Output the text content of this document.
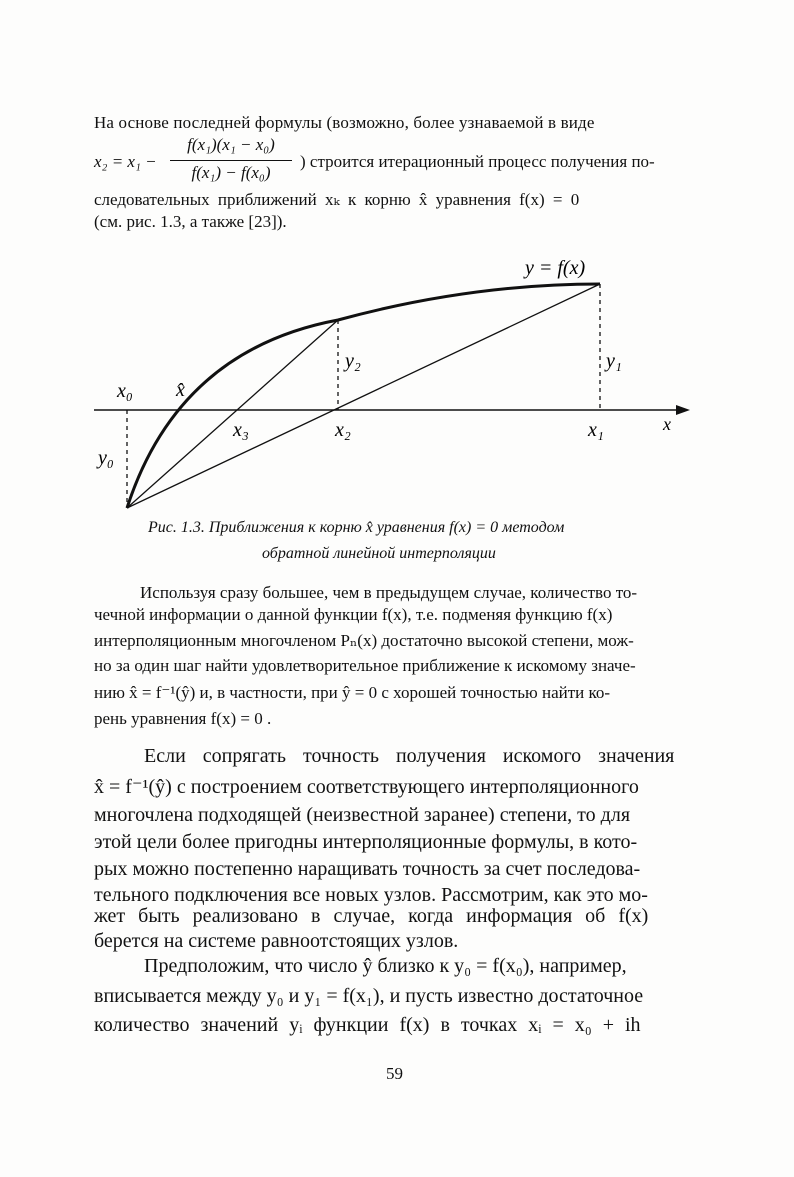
На основе последней формулы (возможно, более узнаваемой в виде
x₂ = x₁ −
f(x₁)(x₁ − x₀)
f(x₁) − f(x₀)
) строится итерационный процесс получения по-
следовательных приближений xₖ к корню x̂ уравнения f(x) = 0
(см. рис. 1.3, а также [23]).
y = f(x)
x₀ x̂
x₃	x₂	x₁	x
y₀
y₂	y₁
Рис. 1.3. Приближения к корню x̂ уравнения f(x) = 0 методом
обратной линейной интерполяции
Используя сразу большее, чем в предыдущем случае, количество то-
чечной информации о данной функции f(x), т.е. подменяя функцию f(x)
интерполяционным многочленом Pₙ(x) достаточно высокой степени, мож-
но за один шаг найти удовлетворительное приближение к искомому значе-
нию x̂ = f⁻¹(ŷ) и, в частности, при ŷ = 0 с хорошей точностью найти ко-
рень уравнения f(x) = 0 .
Если сопрягать точность получения искомого значения
x̂ = f⁻¹(ŷ) с построением соответствующего интерполяционного
многочлена подходящей (неизвестной заранее) степени, то для
этой цели более пригодны интерполяционные формулы, в кото-
рых можно постепенно наращивать точность за счет последова-
тельного подключения все новых узлов. Рассмотрим, как это мо-
жет быть реализовано в случае, когда информация об f(x)
берется на системе равноотстоящих узлов.
Предположим, что число ŷ близко к y₀ = f(x₀), например,
вписывается между y₀ и y₁ = f(x₁), и пусть известно достаточное
количество значений yᵢ функции f(x) в точках xᵢ = x₀ + ih
59
